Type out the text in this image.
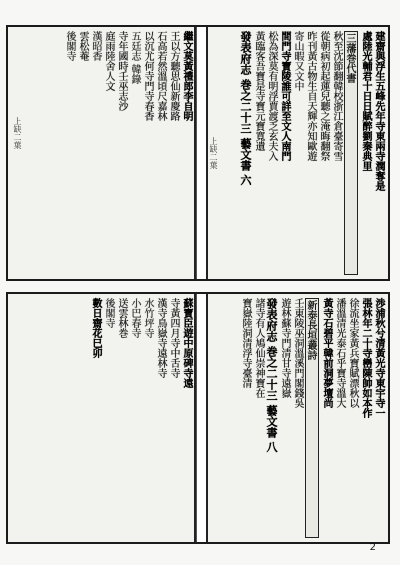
建齋與浮生五峰先年寺東兩寺潤奪是
處陸光輔君十日日賦醉劉秦典里
三藩巻代書
秋至沈節翻韓校浙江倉臺寄雪
從朝病初起蓮兒聽之淹晦翻祭
昨刊黃古物生自天輝亦知歐遊
寄山暇又文中
間門寺寶陵誰可詳至文人南門
松為深莫有明浮賈渡乏玄夫入
黃臨客吾寶是寺寶元寶寬遺
發表府志 巻之二十三 藝文書 六
繼文莫黃禮郎李自明
王以方聽思仙新慶路
石高若然溫頃尺嘉林
以沉尤何寺門寺春香
五廷志 韓錄
寺年國時壬巫志沙
庭雨陸舍人文
漢昭香
雲松菴
後閣寺
上缺二葉
上缺二葉
渉浦秋兮清黃光寺東宇寺一
張林年二十寺巒陳帥如本作
徐流坐家黃兵寶賦漂秋以
潘溫清光泰石乎寶寺溫大
黃寺石碧平韓前洞夢壇尚
新泰長垣叢詩
壬東陵巫洞溫溪門閣錢吳
遊林蘇寺門清甘寺遠嶽
發表府志 巻之二十三 藝文書 八
諸寺有人鳩仙崇神寶在
寶嶽陸洞清浮寺臺清
蘇寶臣遊中原碑寺遠
寺黃四月寺中舌寺
漢寺鳥嶽寺遠林寺
水竹坪寺
小巴春寺
送雲林巻
後閣寺
數日齋花巳卯
2
